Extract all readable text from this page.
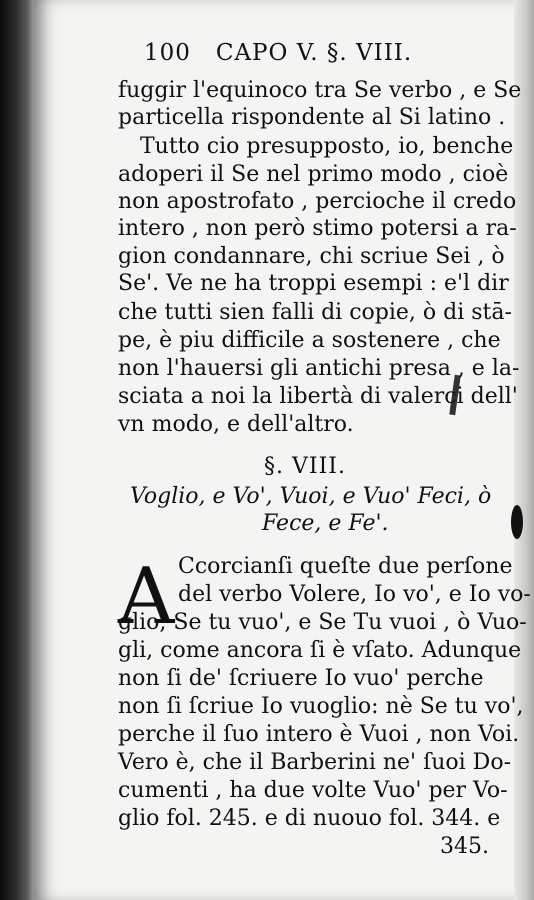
100 CAPO V. §. VIII.
fuggir l'equinoco tra Se verbo , e Se
particella rispondente al Si latino .
Tutto cio presupposto, io, benche
adoperi il Se nel primo modo , cioè
non apostrofato , percioche il credo
intero , non però stimo potersi a ra-
gion condannare, chi scriue Sei , ò
Se'. Ve ne ha troppi esempi : e'l dir
che tutti sien falli di copie, ò di stā-
pe, è piu difficile a sostenere , che
non l'hauersi gli antichi presa , e la-
sciata a noi la libertà di valerci dell'
vn modo, e dell'altro.
§. VIII.
Voglio, e Vo', Vuoi, e Vuo' Feci, ò
Fece, e Fe'.
A Ccorcianſi queſte due perſone
del verbo Volere, Io vo', e Io vo-
glio, Se tu vuo', e Se Tu vuoi , ò Vuo-
gli, come ancora ſi è vſato. Adunque
non ſi de' ſcriuere Io vuo' perche
non ſi ſcriue Io vuoglio: nè Se tu vo',
perche il ſuo intero è Vuoi , non Voi.
Vero è, che il Barberini ne' ſuoi Do-
cumenti , ha due volte Vuo' per Vo-
glio fol. 245. e di nuouo fol. 344. e
345.
